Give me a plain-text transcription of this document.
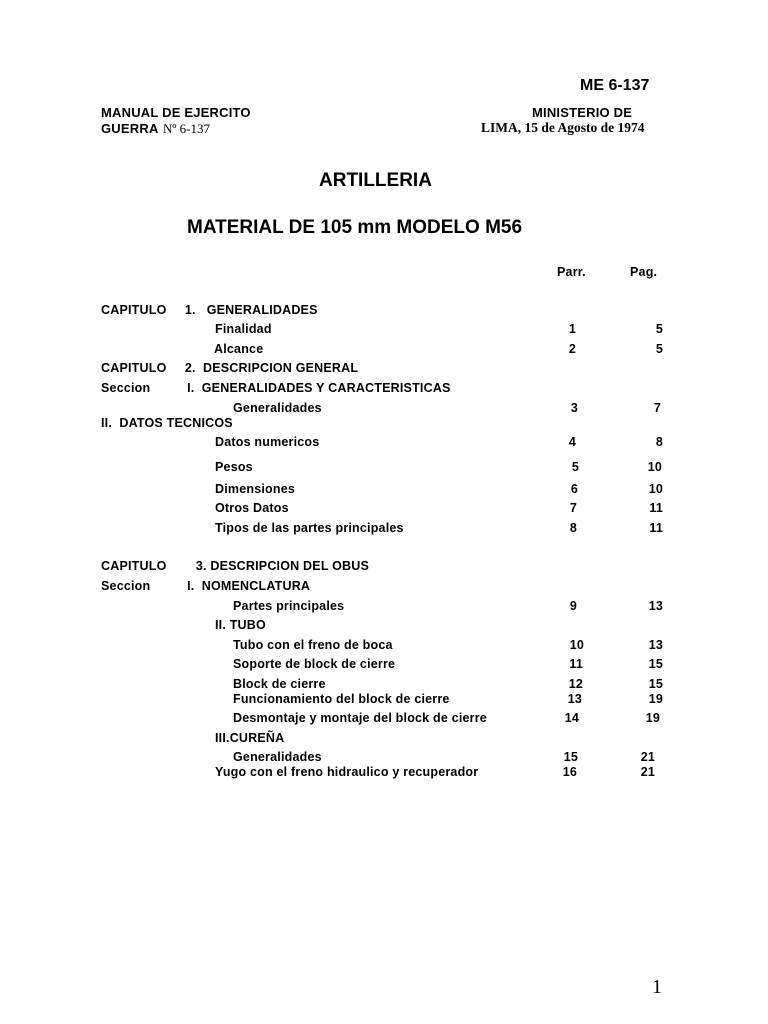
ME 6-137
MANUAL DE EJERCITO
GUERRA Nº 6-137
MINISTERIO DE
LIMA, 15 de Agosto de 1974
ARTILLERIA
MATERIAL DE 105 mm MODELO M56
Parr.	Pag.
CAPITULO     1.   GENERALIDADES
Finalidad	1	5
Alcance	2	5
CAPITULO     2.  DESCRIPCION GENERAL
Seccion          I.  GENERALIDADES Y CARACTERISTICAS
Generalidades	3	7
II.  DATOS TECNICOS
Datos numericos	4	8
Pesos	5	10
Dimensiones	6	10
Otros Datos	7	11
Tipos de las partes principales	8	11
CAPITULO        3. DESCRIPCION DEL OBUS
Seccion          I.  NOMENCLATURA
Partes principales	9	13
II. TUBO
Tubo con el freno de boca	10	13
Soporte de block de cierre	11	15
Block de cierre	12	15
Funcionamiento del block de cierre	13	19
Desmontaje y montaje del block de cierre	14	19
III.CUREÑA
Generalidades	15	21
Yugo con el freno hidraulico y recuperador	16	21
1
